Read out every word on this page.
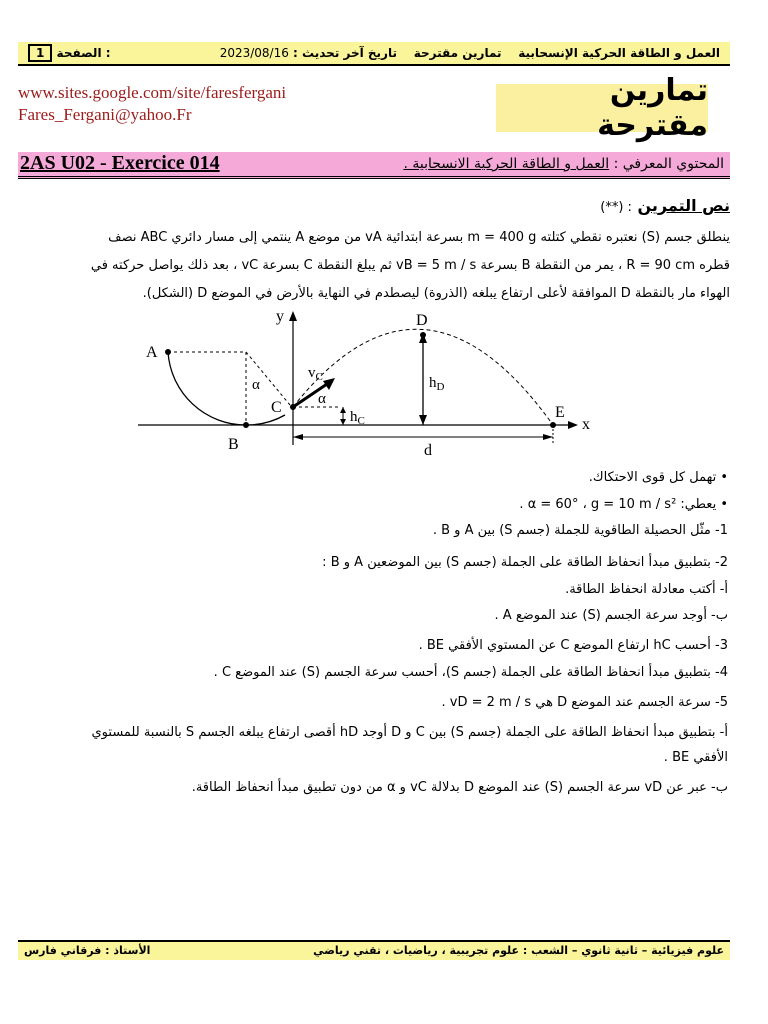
1 الصفحة :	العمل و الطاقة الحركية الإنسحابية    تمارين مقترحة    تاريخ آخر تحديث : 2023/08/16
www.sites.google.com/site/faresfergani
Fares_Fergani@yahoo.Fr
تمارين مقترحة
2AS U02 - Exercice 014	المحتوي المعرفي : العمل و الطاقة الحركية الانسحابية .
نص التمرين : (**)
ينطلق جسم (S) نعتبره نقطي كتلته m = 400 g بسرعة ابتدائية vA من موضع A ينتمي إلى مسار دائري ABC نصف
قطره R = 90 cm ، يمر من النقطة B بسرعة vB = 5 m / s ثم يبلغ النقطة C بسرعة vC ، بعد ذلك يواصل حركته في
الهواء مار بالنقطة D الموافقة لأعلى ارتفاع يبلغه (الذروة) ليصطدم في النهاية بالأرض في الموضع D (الشكل).
A
B
C
D
E
x
y
α
α
$v_C$
$h_C$
$h_D$
d
• تهمل كل قوى الاحتكاك.
• يعطي: α = 60° ، g = 10 m / s² .
1- مثّل الحصيلة الطاقوية للجملة (جسم S) بين A و B .
2- بتطبيق مبدأ انحفاظ الطاقة على الجملة (جسم S) بين الموضعين A و B :
أ- أكتب معادلة انحفاظ الطاقة.
ب- أوجد سرعة الجسم (S) عند الموضع A .
3- أحسب hC ارتفاع الموضع C عن المستوي الأفقي BE .
4- بتطبيق مبدأ انحفاظ الطاقة على الجملة (جسم S)، أحسب سرعة الجسم (S) عند الموضع C .
5- سرعة الجسم عند الموضع D هي vD = 2 m / s .
أ- بتطبيق مبدأ انحفاظ الطاقة على الجملة (جسم S) بين C و D أوجد hD أقصى ارتفاع يبلغه الجسم S بالنسبة للمستوي
الأفقي BE .
ب- عبر عن vD سرعة الجسم (S) عند الموضع D بدلالة vC و α من دون تطبيق مبدأ انحفاظ الطاقة.
علوم فيزيائية – ثانية ثانوي – الشعب : علوم تجريبية ، رياضيات ، تقني رياضي
الأستاذ : فرقاني فارس
